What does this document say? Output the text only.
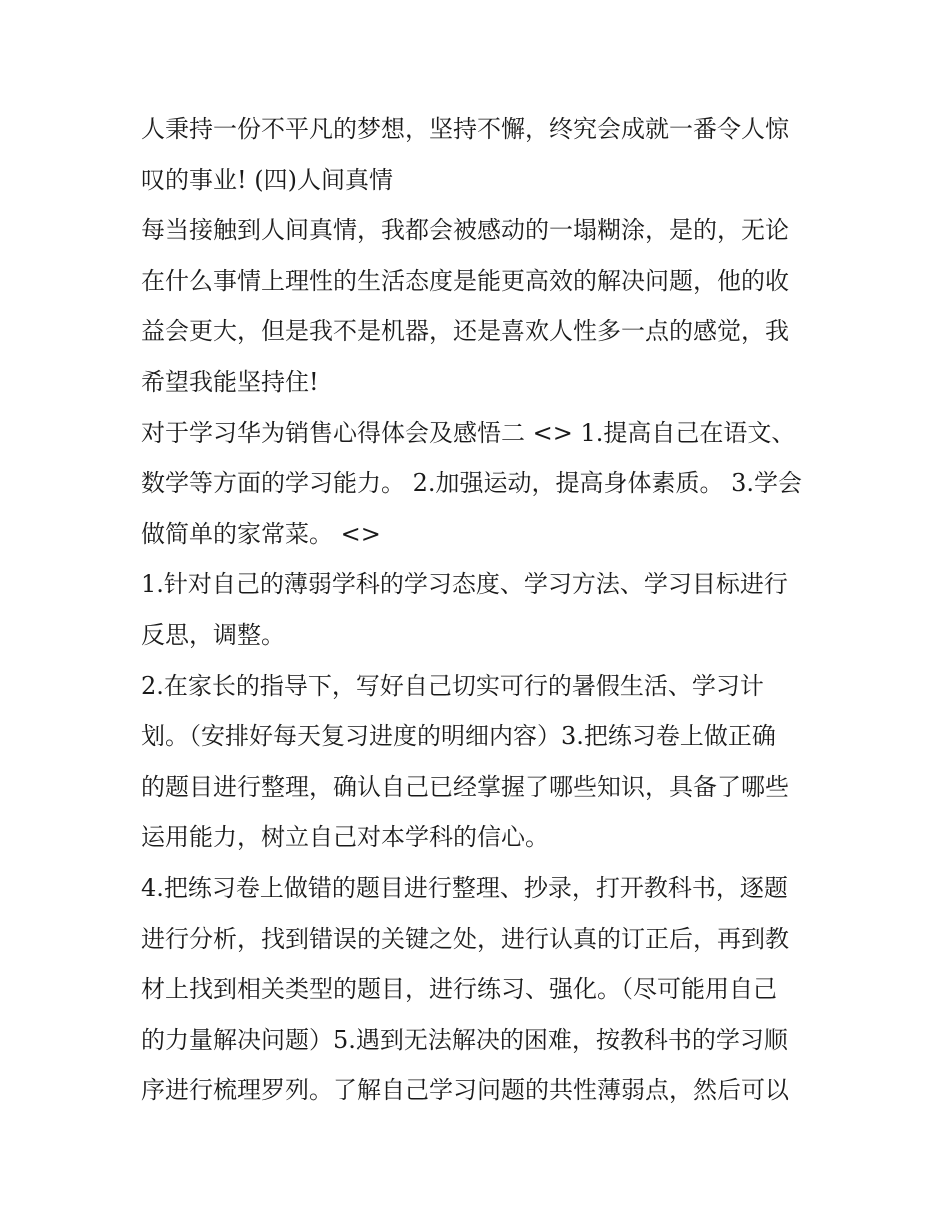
人秉持一份不平凡的梦想，坚持不懈，终究会成就一番令人惊
叹的事业! (四)人间真情
每当接触到人间真情，我都会被感动的一塌糊涂，是的，无论
在什么事情上理性的生活态度是能更高效的解决问题，他的收
益会更大，但是我不是机器，还是喜欢人性多一点的感觉，我
希望我能坚持住!
对于学习华为销售心得体会及感悟二 <> 1.提高自己在语文、
数学等方面的学习能力。 2.加强运动，提高身体素质。 3.学会
做简单的家常菜。 <>
1.针对自己的薄弱学科的学习态度、学习方法、学习目标进行
反思，调整。
2.在家长的指导下，写好自己切实可行的暑假生活、学习计
划。（安排好每天复习进度的明细内容）3.把练习卷上做正确
的题目进行整理，确认自己已经掌握了哪些知识，具备了哪些
运用能力，树立自己对本学科的信心。
4.把练习卷上做错的题目进行整理、抄录，打开教科书，逐题
进行分析，找到错误的关键之处，进行认真的订正后，再到教
材上找到相关类型的题目，进行练习、强化。（尽可能用自己
的力量解决问题）5.遇到无法解决的困难，按教科书的学习顺
序进行梳理罗列。了解自己学习问题的共性薄弱点，然后可以
